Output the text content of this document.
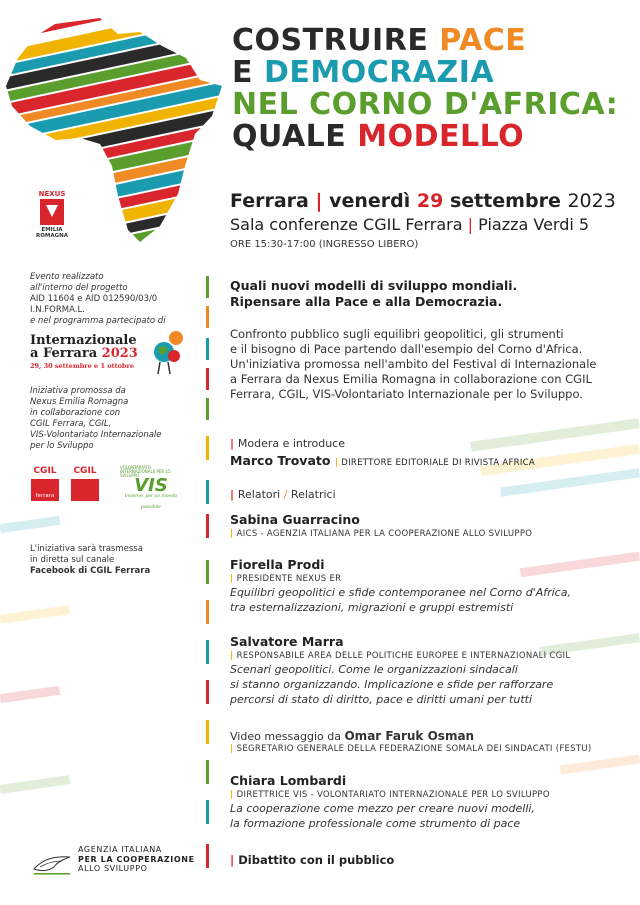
COSTRUIRE PACE
E DEMOCRAZIA
NEL CORNO D'AFRICA:
QUALE MODELLO
NEXUS
EMILIA ROMAGNA
Ferrara | venerdì 29 settembre 2023
Sala conferenze CGIL Ferrara | Piazza Verdi 5
ORE 15:30-17:00 (INGRESSO LIBERO)
Evento realizzato
all'interno del progetto
AID 11604 e AID 012590/03/0
I.N.FORMA.L.
e nel programma partecipato di
Internazionale
a Ferrara 2023
29, 30 settembre e 1 ottobre
Iniziativa promossa da
Nexus Emilia Romagna
in collaborazione con
CGIL Ferrara, CGIL,
VIS-Volontariato Internazionale
per lo Sviluppo
CGIL
ferrara
CGIL	VOLONTARIATO INTERNAZIONALE PER LO SVILUPPO
VIS
Insieme, per un mondo possibile
L'iniziativa sarà trasmessa
in diretta sul canale
Facebook di CGIL Ferrara
AGENZIA ITALIANA
PER LA COOPERAZIONE
ALLO SVILUPPO
Quali nuovi modelli di sviluppo mondiali.
Ripensare alla Pace e alla Democrazia.
Confronto pubblico sugli equilibri geopolitici, gli strumenti
e il bisogno di Pace partendo dall'esempio del Corno d'Africa.
Un'iniziativa promossa nell'ambito del Festival di Internazionale
a Ferrara da Nexus Emilia Romagna in collaborazione con CGIL
Ferrara, CGIL, VIS-Volontariato Internazionale per lo Sviluppo.
| Modera e introduce
Marco Trovato | DIRETTORE EDITORIALE DI RIVISTA AFRICA
| Relatori / Relatrici
Sabina Guarracino
| AICS - AGENZIA ITALIANA PER LA COOPERAZIONE ALLO SVILUPPO
Fiorella Prodi
| PRESIDENTE NEXUS ER
Equilibri geopolitici e sfide contemporanee nel Corno d'Africa,
tra esternalizzazioni, migrazioni e gruppi estremisti
Salvatore Marra
| RESPONSABILE AREA DELLE POLITICHE EUROPEE E INTERNAZIONALI CGIL
Scenari geopolitici. Come le organizzazioni sindacali
si stanno organizzando. Implicazione e sfide per rafforzare
percorsi di stato di diritto, pace e diritti umani per tutti
Video messaggio da Omar Faruk Osman
| SEGRETARIO GENERALE DELLA FEDERAZIONE SOMALA DEI SINDACATI (FESTU)
Chiara Lombardi
| DIRETTRICE VIS - VOLONTARIATO INTERNAZIONALE PER LO SVILUPPO
La cooperazione come mezzo per creare nuovi modelli,
la formazione professionale come strumento di pace
| Dibattito con il pubblico
